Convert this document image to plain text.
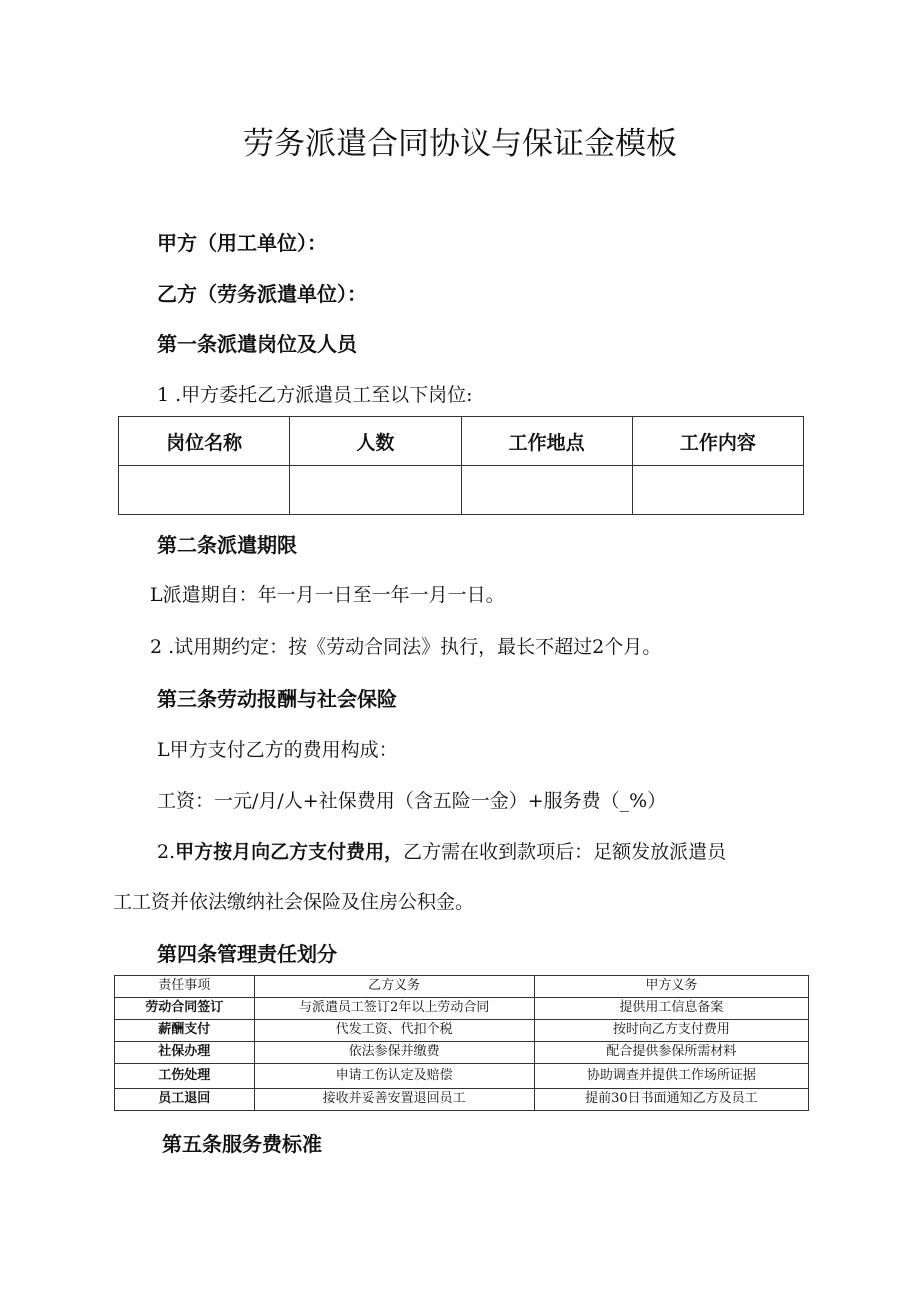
劳务派遣合同协议与保证金模板
甲方（用工单位）：
乙方（劳务派遣单位）：
第一条派遣岗位及人员
1 .甲方委托乙方派遣员工至以下岗位:
岗位名称	人数	工作地点	工作内容

第二条派遣期限
L派遣期自：年一月一日至一年一月一日。
2 .试用期约定：按《劳动合同法》执行，最长不超过2个月。
第三条劳动报酬与社会保险
L甲方支付乙方的费用构成：
工资：一元/月/人+社保费用（含五险一金）+服务费（_%）
2.甲方按月向乙方支付费用，乙方需在收到款项后：足额发放派遣员
工工资并依法缴纳社会保险及住房公积金。
第四条管理责任划分
责任事项	乙方义务	甲方义务
劳动合同签订	与派遣员工签订2年以上劳动合同	提供用工信息备案
薪酬支付	代发工资、代扣个税	按时向乙方支付费用
社保办理	依法参保并缴费	配合提供参保所需材料
工伤处理	申请工伤认定及赔偿	协助调查并提供工作场所证据
员工退回	接收并妥善安置退回员工	提前30日书面通知乙方及员工
第五条服务费标准
